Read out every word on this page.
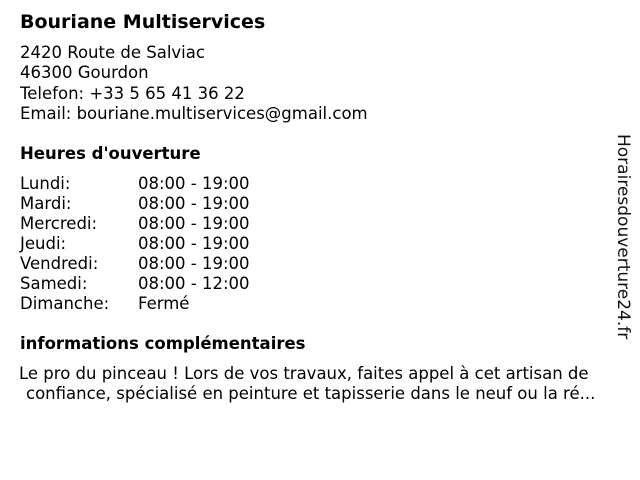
Bouriane Multiservices
2420 Route de Salviac
46300 Gourdon
Telefon: +33 5 65 41 36 22
Email: bouriane.multiservices@gmail.com
Heures d'ouverture
Lundi:	08:00 - 19:00
Mardi:	08:00 - 19:00
Mercredi: 08:00 - 19:00
Jeudi:	08:00 - 19:00
Vendredi: 08:00 - 19:00
Samedi:	08:00 - 12:00
Dimanche: Fermé
informations complémentaires
Le pro du pinceau ! Lors de vos travaux, faites appel à cet artisan de
confiance, spécialisé en peinture et tapisserie dans le neuf ou la ré...
Horairesdouverture24.fr
